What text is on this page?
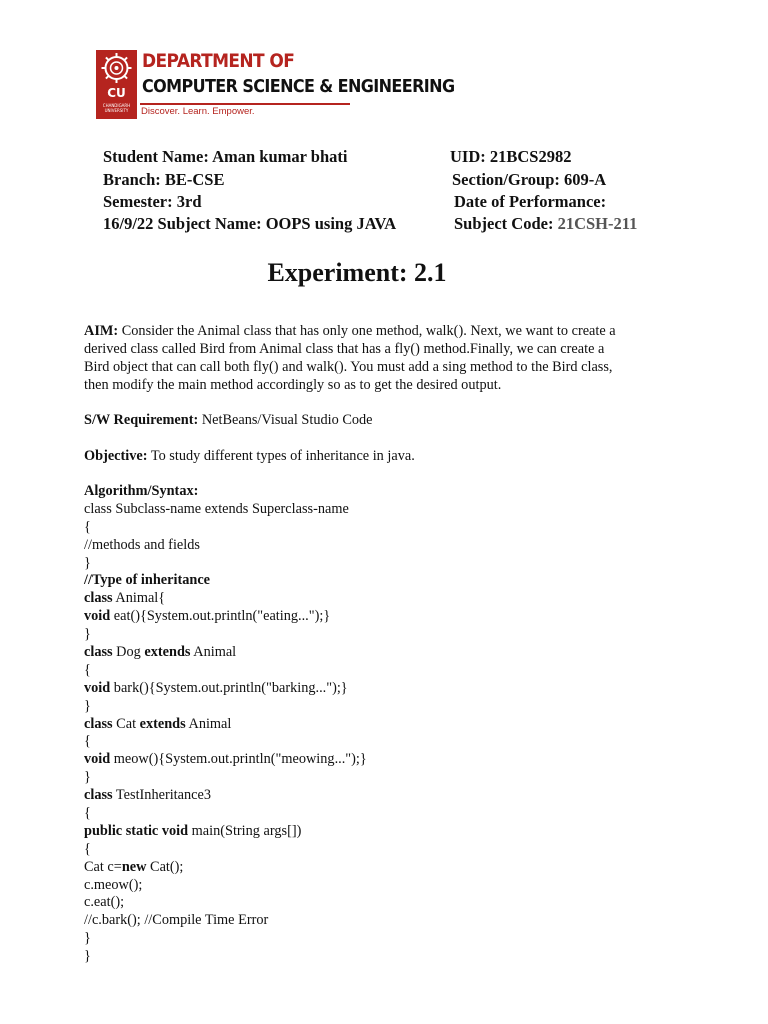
CU
CHANDIGARH UNIVERSITY
DEPARTMENT OF
COMPUTER SCIENCE & ENGINEERING
Discover. Learn. Empower.
Student Name: Aman kumar bhati	UID: 21BCS2982
Branch: BE-CSE	Section/Group: 609-A
Semester: 3rd	Date of Performance:
16/9/22 Subject Name: OOPS using JAVA	Subject Code: 21CSH-211
Experiment: 2.1
AIM: Consider the Animal class that has only one method, walk(). Next, we want to create a
derived class called Bird from Animal class that has a fly() method.Finally, we can create a
Bird object that can call both fly() and walk(). You must add a sing method to the Bird class,
then modify the main method accordingly so as to get the desired output.
S/W Requirement: NetBeans/Visual Studio Code
Objective: To study different types of inheritance in java.
Algorithm/Syntax:
class Subclass-name extends Superclass-name
{
//methods and fields
}
//Type of inheritance
class Animal{
void eat(){System.out.println("eating...");}
}
class Dog extends Animal
{
void bark(){System.out.println("barking...");}
}
class Cat extends Animal
{
void meow(){System.out.println("meowing...");}
}
class TestInheritance3
{
public static void main(String args[])
{
Cat c=new Cat();
c.meow();
c.eat();
//c.bark(); //Compile Time Error
}
}
